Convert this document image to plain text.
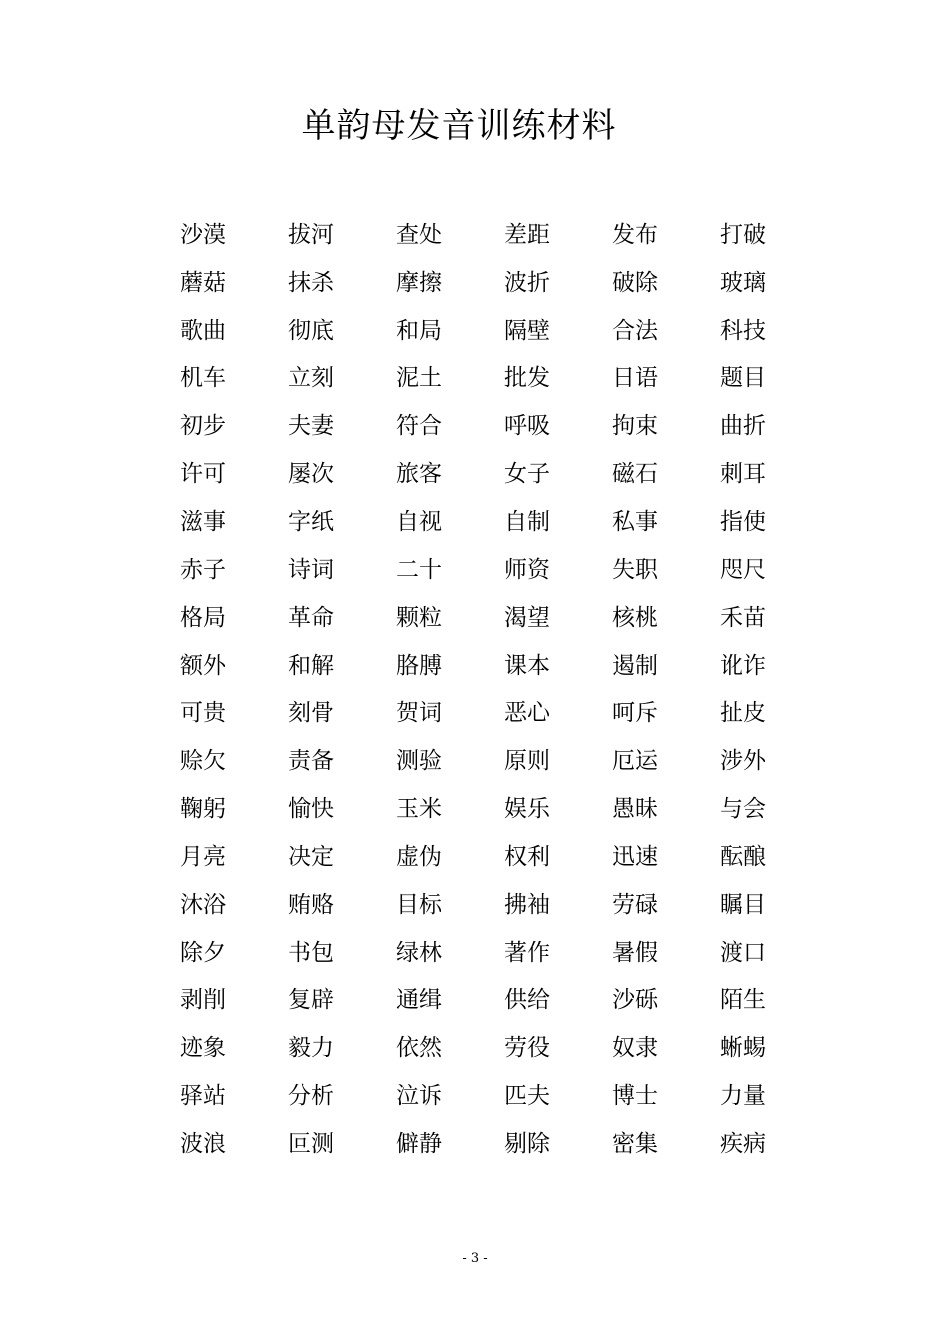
单韵母发音训练材料
沙漠	拔河	查处	差距	发布	打破
蘑菇	抹杀	摩擦	波折	破除	玻璃
歌曲	彻底	和局	隔壁	合法	科技
机车	立刻	泥土	批发	日语	题目
初步	夫妻	符合	呼吸	拘束	曲折
许可	屡次	旅客	女子	磁石	刺耳
滋事	字纸	自视	自制	私事	指使
赤子	诗词	二十	师资	失职	咫尺
格局	革命	颗粒	渴望	核桃	禾苗
额外	和解	胳膊	课本	遏制	讹诈
可贵	刻骨	贺词	恶心	呵斥	扯皮
赊欠	责备	测验	原则	厄运	涉外
鞠躬	愉快	玉米	娱乐	愚昧	与会
月亮	决定	虚伪	权利	迅速	酝酿
沐浴	贿赂	目标	拂袖	劳碌	瞩目
除夕	书包	绿林	著作	暑假	渡口
剥削	复辟	通缉	供给	沙砾	陌生
迹象	毅力	依然	劳役	奴隶	蜥蜴
驿站	分析	泣诉	匹夫	博士	力量
波浪	叵测	僻静	剔除	密集	疾病
- 3 -
